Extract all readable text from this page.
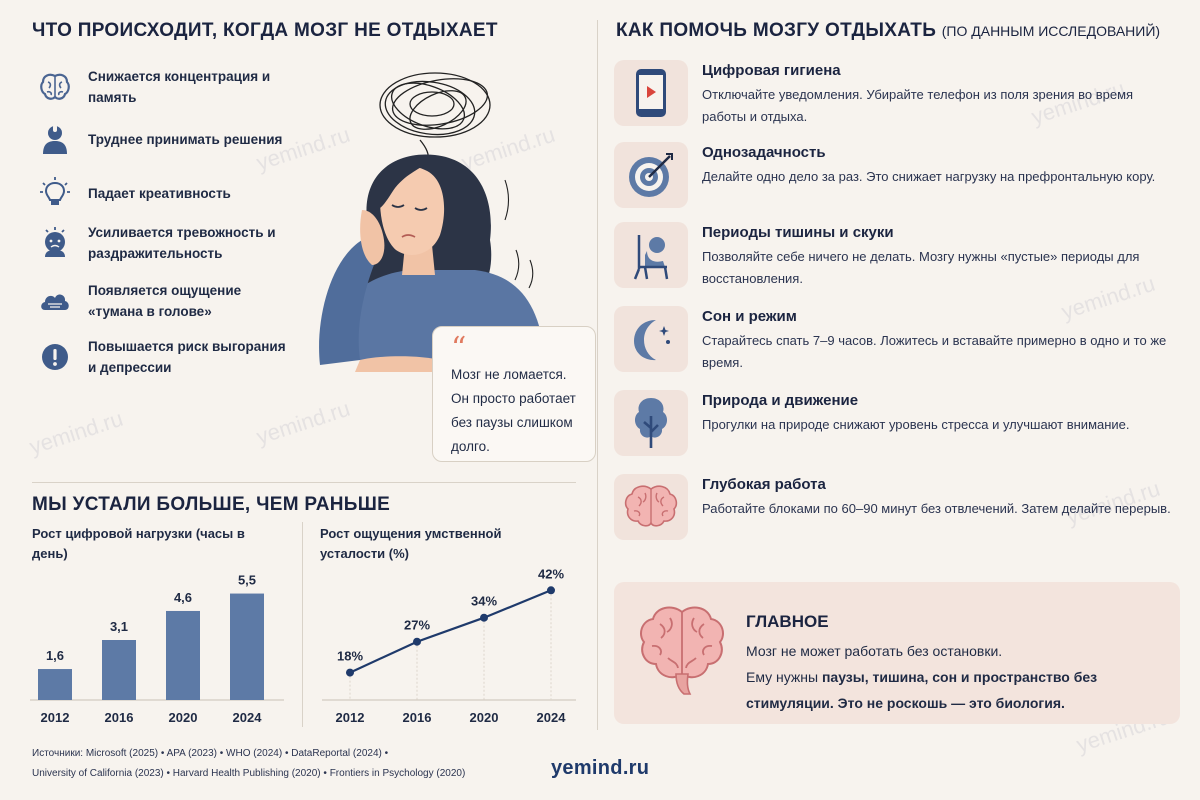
yemind.ru
yemind.ru
yemind.ru
yemind.ru
yemind.ru
yemind.ru
yemind.ru
yemind.ru
ЧТО ПРОИСХОДИТ, КОГДА МОЗГ НЕ ОТДЫХАЕТ
Снижается концентрация и память
Труднее принимать решения
Падает креативность
Усиливается тревожность и раздражительность
Появляется ощущение «тумана в голове»
Повышается риск выгорания и депрессии
“
Мозг не ломается. Он просто работает без паузы слишком долго.
МЫ УСТАЛИ БОЛЬШЕ, ЧЕМ РАНЬШЕ
Рост цифровой нагрузки (часы в день)
Рост ощущения умственной усталости (%)
1,6
2012
3,1
2016
4,6
2020
5,5
2024
18%
2012
27%
2016
34%
2020
42%
2024
КАК ПОМОЧЬ МОЗГУ ОТДЫХАТЬ (ПО ДАННЫМ ИССЛЕДОВАНИЙ)
Цифровая гигиена
Отключайте уведомления. Убирайте телефон из поля зрения во время работы и отдыха.
Однозадачность
Делайте одно дело за раз. Это снижает нагрузку на префронтальную кору.
Периоды тишины и скуки
Позволяйте себе ничего не делать. Мозгу нужны «пустые» периоды для восстановления.
Сон и режим
Старайтесь спать 7–9 часов. Ложитесь и вставайте примерно в одно и то же время.
Природа и движение
Прогулки на природе снижают уровень стресса и улучшают внимание.
Глубокая работа
Работайте блоками по 60–90 минут без отвлечений. Затем делайте перерыв.
ГЛАВНОЕ
Мозг не может работать без остановки.
Ему нужны паузы, тишина, сон и пространство без стимуляции. Это не роскошь — это биология.
Источники: Microsoft (2025) • APA (2023) • WHO (2024) • DataReportal (2024) •
University of California (2023) • Harvard Health Publishing (2020) • Frontiers in Psychology (2020)	yemind.ru
